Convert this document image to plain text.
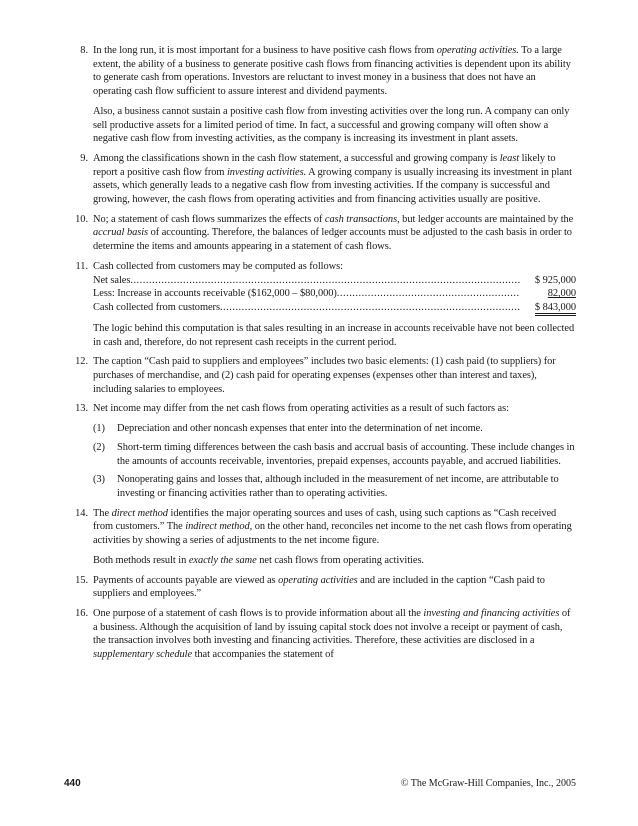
8. In the long run, it is most important for a business to have positive cash flows from operating activities. To a large extent, the ability of a business to generate positive cash flows from financing activities is dependent upon its ability to generate cash from operations. Investors are reluctant to invest money in a business that does not have an operating cash flow sufficient to assure interest and dividend payments.

Also, a business cannot sustain a positive cash flow from investing activities over the long run. A company can only sell productive assets for a limited period of time. In fact, a successful and growing company will often show a negative cash flow from investing activities, as the company is increasing its investment in plant assets.

9. Among the classifications shown in the cash flow statement, a successful and growing company is least likely to report a positive cash flow from investing activities. A growing company is usually increasing its investment in plant assets, which generally leads to a negative cash flow from investing activities. If the company is successful and growing, however, the cash flows from operating activities and from financing activities usually are positive.

10. No; a statement of cash flows summarizes the effects of cash transactions, but ledger accounts are maintained by the accrual basis of accounting. Therefore, the balances of ledger accounts must be adjusted to the cash basis in order to determine the items and amounts appearing in a statement of cash flows.

11. Cash collected from customers may be computed as follows:

Net sales .....	$ 925,000
Less: Increase in accounts receivable ($162,000 – $80,000) .....	82,000
Cash collected from customers .....	$ 843,000

The logic behind this computation is that sales resulting in an increase in accounts receivable have not been collected in cash and, therefore, do not represent cash receipts in the current period.

12. The caption “Cash paid to suppliers and employees” includes two basic elements: (1) cash paid (to suppliers) for purchases of merchandise, and (2) cash paid for operating expenses (expenses other than interest and taxes), including salaries to employees.

13. Net income may differ from the net cash flows from operating activities as a result of such factors as:

(1) Depreciation and other noncash expenses that enter into the determination of net income.
(2) Short-term timing differences between the cash basis and accrual basis of accounting. These include changes in the amounts of accounts receivable, inventories, prepaid expenses, accounts payable, and accrued liabilities.
(3) Nonoperating gains and losses that, although included in the measurement of net income, are attributable to investing or financing activities rather than to operating activities.
14. The direct method identifies the major operating sources and uses of cash, using such captions as “Cash received from customers.” The indirect method, on the other hand, reconciles net income to the net cash flows from operating activities by showing a series of adjustments to the net income figure.

Both methods result in exactly the same net cash flows from operating activities.

15. Payments of accounts payable are viewed as operating activities and are included in the caption “Cash paid to suppliers and employees.”

16. One purpose of a statement of cash flows is to provide information about all the investing and financing activities of a business. Although the acquisition of land by issuing capital stock does not involve a receipt or payment of cash, the transaction involves both investing and financing activities. Therefore, these activities are disclosed in a supplementary schedule that accompanies the statement of

440	© The McGraw-Hill Companies, Inc., 2005
